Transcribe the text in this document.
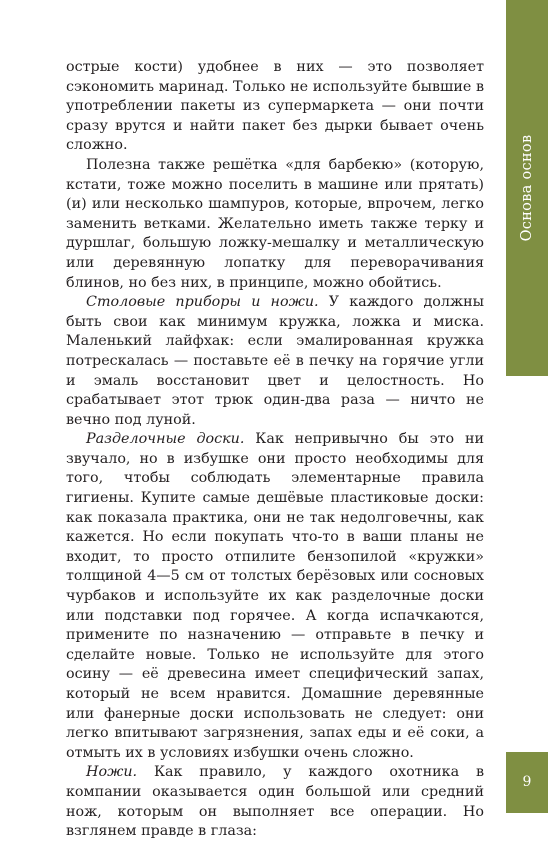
острые кости) удобнее в них — это позволяет сэкономить маринад. Только не используйте бывшие в употреблении пакеты из супермаркета — они почти сразу врутся и найти пакет без дырки бывает очень сложно.

Полезна также решётка «для барбекю» (которую, кстати, тоже можно поселить в машине или прятать) (и) или несколько шампуров, которые, впрочем, легко заменить ветками. Желательно иметь также терку и дуршлаг, большую ложку-мешалку и металлическую или деревянную лопатку для переворачивания блинов, но без них, в принципе, можно обойтись.

Столовые приборы и ножи. У каждого должны быть свои как минимум кружка, ложка и миска. Маленький лайфхак: если эмалированная кружка потрескалась — поставьте её в печку на горячие угли и эмаль восстановит цвет и целостность. Но срабатывает этот трюк один-два раза — ничто не вечно под луной.

Разделочные доски. Как непривычно бы это ни звучало, но в избушке они просто необходимы для того, чтобы соблюдать элементарные правила гигиены. Купите самые дешёвые пластиковые доски: как показала практика, они не так недолговечны, как кажется. Но если покупать что-то в ваши планы не входит, то просто отпилите бензопилой «кружки» толщиной 4—5 см от толстых берёзовых или сосновых чурбаков и используйте их как разделочные доски или подставки под горячее. А когда испачкаются, примените по назначению — отправьте в печку и сделайте новые. Только не используйте для этого осину — её древесина имеет специфический запах, который не всем нравится. Домашние деревянные или фанерные доски использовать не следует: они легко впитывают загрязнения, запах еды и её соки, а отмыть их в условиях избушки очень сложно.

Ножи. Как правило, у каждого охотника в компании оказывается один большой или средний нож, которым он выполняет все операции. Но взглянем правде в глаза:

Основа основ
9
